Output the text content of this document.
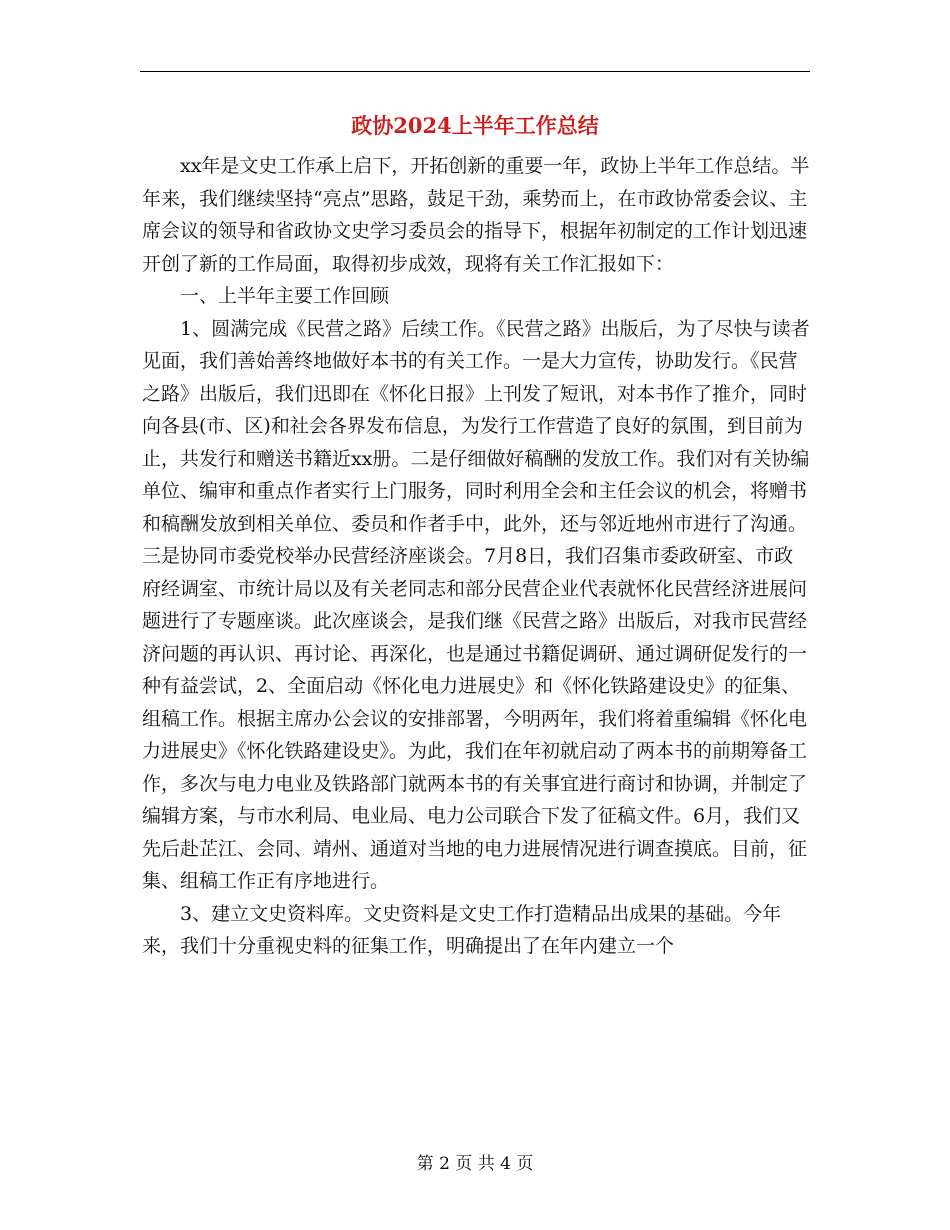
政协2024上半年工作总结

xx年是文史工作承上启下，开拓创新的重要一年，政协上半年工作总结。半年来，我们继续坚持“亮点”思路，鼓足干劲，乘势而上，在市政协常委会议、主席会议的领导和省政协文史学习委员会的指导下，根据年初制定的工作计划迅速开创了新的工作局面，取得初步成效，现将有关工作汇报如下：

一、上半年主要工作回顾

1、圆满完成《民营之路》后续工作。《民营之路》出版后，为了尽快与读者见面，我们善始善终地做好本书的有关工作。一是大力宣传，协助发行。《民营之路》出版后，我们迅即在《怀化日报》上刊发了短讯，对本书作了推介，同时向各县(市、区)和社会各界发布信息，为发行工作营造了良好的氛围，到目前为止，共发行和赠送书籍近xx册。二是仔细做好稿酬的发放工作。我们对有关协编单位、编审和重点作者实行上门服务，同时利用全会和主任会议的机会，将赠书和稿酬发放到相关单位、委员和作者手中，此外，还与邻近地州市进行了沟通。三是协同市委党校举办民营经济座谈会。7月8日，我们召集市委政研室、市政府经调室、市统计局以及有关老同志和部分民营企业代表就怀化民营经济进展问题进行了专题座谈。此次座谈会，是我们继《民营之路》出版后，对我市民营经济问题的再认识、再讨论、再深化，也是通过书籍促调研、通过调研促发行的一种有益尝试，2、全面启动《怀化电力进展史》和《怀化铁路建设史》的征集、组稿工作。根据主席办公会议的安排部署，今明两年，我们将着重编辑《怀化电力进展史》《怀化铁路建设史》。为此，我们在年初就启动了两本书的前期筹备工作，多次与电力电业及铁路部门就两本书的有关事宜进行商讨和协调，并制定了编辑方案，与市水利局、电业局、电力公司联合下发了征稿文件。6月，我们又先后赴芷江、会同、靖州、通道对当地的电力进展情况进行调查摸底。目前，征集、组稿工作正有序地进行。

3、建立文史资料库。文史资料是文史工作打造精品出成果的基础。今年来，我们十分重视史料的征集工作，明确提出了在年内建立一个

第 2 页 共 4 页
